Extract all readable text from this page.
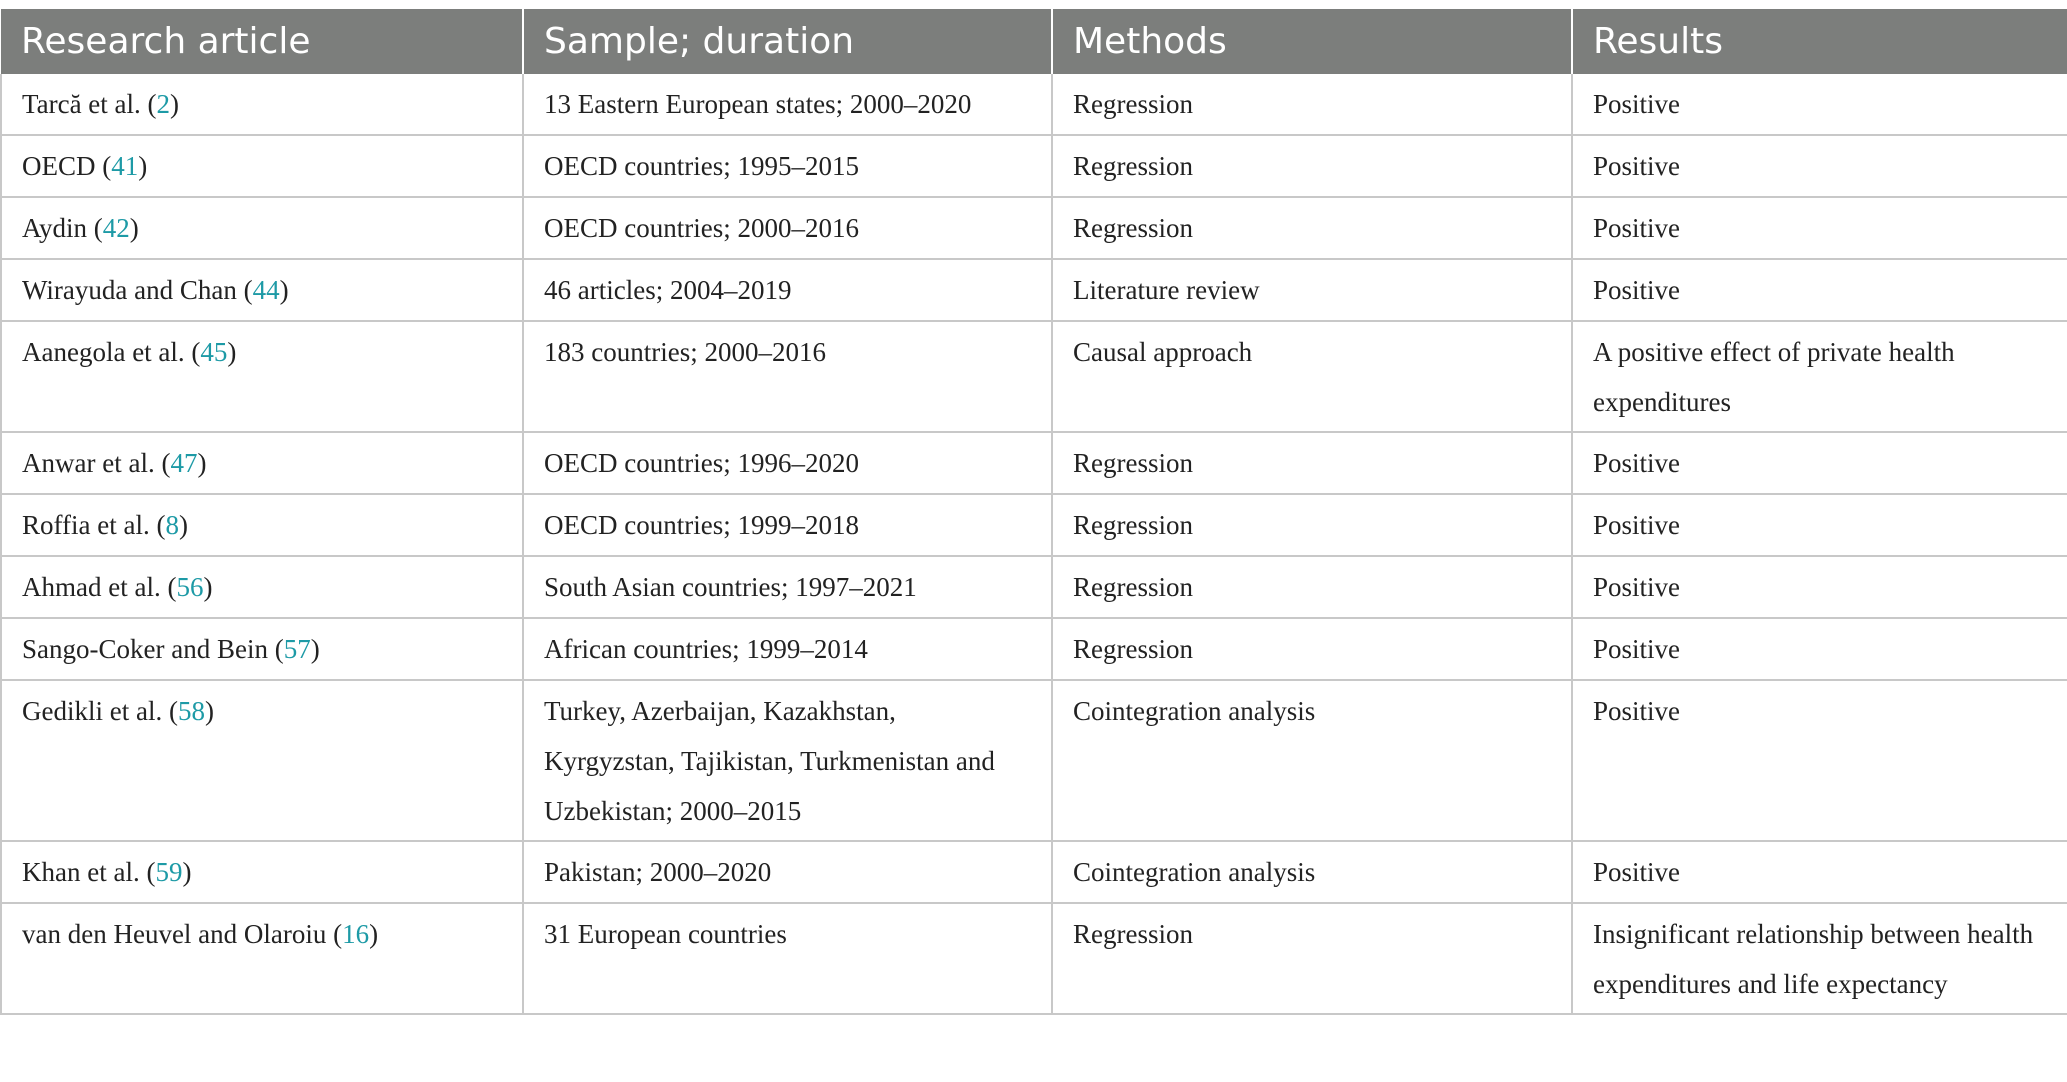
Research article	Sample; duration	Methods	Results

Tarcă et al. (2)	13 Eastern European states; 2000–2020	Regression	Positive

OECD (41)	OECD countries; 1995–2015	Regression	Positive

Aydin (42)	OECD countries; 2000–2016	Regression	Positive

Wirayuda and Chan (44)	46 articles; 2004–2019	Literature review	Positive

Aanegola et al. (45)	183 countries; 2000–2016	Causal approach	A positive effect of private health expenditures

Anwar et al. (47)	OECD countries; 1996–2020	Regression	Positive

Roffia et al. (8)	OECD countries; 1999–2018	Regression	Positive

Ahmad et al. (56)	South Asian countries; 1997–2021	Regression	Positive

Sango-Coker and Bein (57)	African countries; 1999–2014	Regression	Positive

Gedikli et al. (58)	Turkey, Azerbaijan, Kazakhstan, Kyrgyzstan, Tajikistan, Turkmenistan and Uzbekistan; 2000–2015	Cointegration analysis	Positive

Khan et al. (59)	Pakistan; 2000–2020	Cointegration analysis	Positive

van den Heuvel and Olaroiu (16)	31 European countries	Regression	Insignificant relationship between health expenditures and life expectancy
